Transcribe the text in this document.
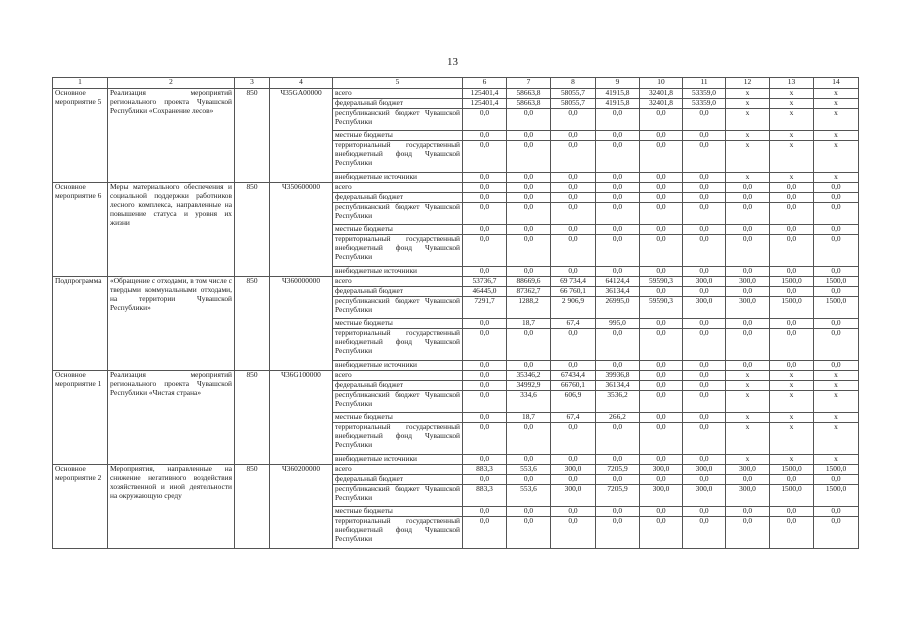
13
1	2	3	4	5	6	7	8	9	10	11	12	13	14
Основное мероприятие 5	Реализация мероприятий регионального проекта Чувашской Республики «Сохранение лесов»	850	Ч35GA00000	всего	125401,4	58663,8	58055,7	41915,8	32401,8	53359,0	x	x	x
				федеральный бюджет	125401,4	58663,8	58055,7	41915,8	32401,8	53359,0	x	x	x
				республиканский бюджет Чувашской Республики	0,0	0,0	0,0	0,0	0,0	0,0	x	x	x
				местные бюджеты	0,0	0,0	0,0	0,0	0,0	0,0	x	x	x
				территориальный государственный внебюджетный фонд Чувашской Республики	0,0	0,0	0,0	0,0	0,0	0,0	x	x	x
				внебюджетные источники	0,0	0,0	0,0	0,0	0,0	0,0	x	x	x
Основное мероприятие 6	Меры материального обеспечения и социальной поддержки работников лесного комплекса, направленные на повышение статуса и уровня их жизни	850	Ч350600000	всего	0,0	0,0	0,0	0,0	0,0	0,0	0,0	0,0	0,0
				федеральный бюджет	0,0	0,0	0,0	0,0	0,0	0,0	0,0	0,0	0,0
				республиканский бюджет Чувашской Республики	0,0	0,0	0,0	0,0	0,0	0,0	0,0	0,0	0,0
				местные бюджеты	0,0	0,0	0,0	0,0	0,0	0,0	0,0	0,0	0,0
				территориальный государственный внебюджетный фонд Чувашской Республики	0,0	0,0	0,0	0,0	0,0	0,0	0,0	0,0	0,0
				внебюджетные источники	0,0	0,0	0,0	0,0	0,0	0,0	0,0	0,0	0,0
Подпрограмма	«Обращение с отходами, в том числе с твердыми коммунальными отходами, на территории Чувашской Республики»	850	Ч360000000	всего	53736,7	88669,6	69 734,4	64124,4	59590,3	300,0	300,0	1500,0	1500,0
				федеральный бюджет	46445,0	87362,7	66 760,1	36134,4	0,0	0,0	0,0	0,0	0,0
				республиканский бюджет Чувашской Республики	7291,7	1288,2	2 906,9	26995,0	59590,3	300,0	300,0	1500,0	1500,0
				местные бюджеты	0,0	18,7	67,4	995,0	0,0	0,0	0,0	0,0	0,0
				территориальный государственный внебюджетный фонд Чувашской Республики	0,0	0,0	0,0	0,0	0,0	0,0	0,0	0,0	0,0
				внебюджетные источники	0,0	0,0	0,0	0,0	0,0	0,0	0,0	0,0	0,0
Основное мероприятие 1	Реализация мероприятий регионального проекта Чувашской Республики «Чистая страна»	850	Ч36G100000	всего	0,0	35346,2	67434,4	39936,8	0,0	0,0	x	x	x
				федеральный бюджет	0,0	34992,9	66760,1	36134,4	0,0	0,0	x	x	x
				республиканский бюджет Чувашской Республики	0,0	334,6	606,9	3536,2	0,0	0,0	x	x	x
				местные бюджеты	0,0	18,7	67,4	266,2	0,0	0,0	x	x	x
				территориальный государственный внебюджетный фонд Чувашской Республики	0,0	0,0	0,0	0,0	0,0	0,0	x	x	x
				внебюджетные источники	0,0	0,0	0,0	0,0	0,0	0,0	x	x	x
Основное мероприятие 2	Мероприятия, направленные на снижение негативного воздействия хозяйственной и иной деятельности на окружающую среду	850	Ч360200000	всего	883,3	553,6	300,0	7205,9	300,0	300,0	300,0	1500,0	1500,0
				федеральный бюджет	0,0	0,0	0,0	0,0	0,0	0,0	0,0	0,0	0,0
				республиканский бюджет Чувашской Республики	883,3	553,6	300,0	7205,9	300,0	300,0	300,0	1500,0	1500,0
				местные бюджеты	0,0	0,0	0,0	0,0	0,0	0,0	0,0	0,0	0,0
				территориальный государственный внебюджетный фонд Чувашской Республики	0,0	0,0	0,0	0,0	0,0	0,0	0,0	0,0	0,0
